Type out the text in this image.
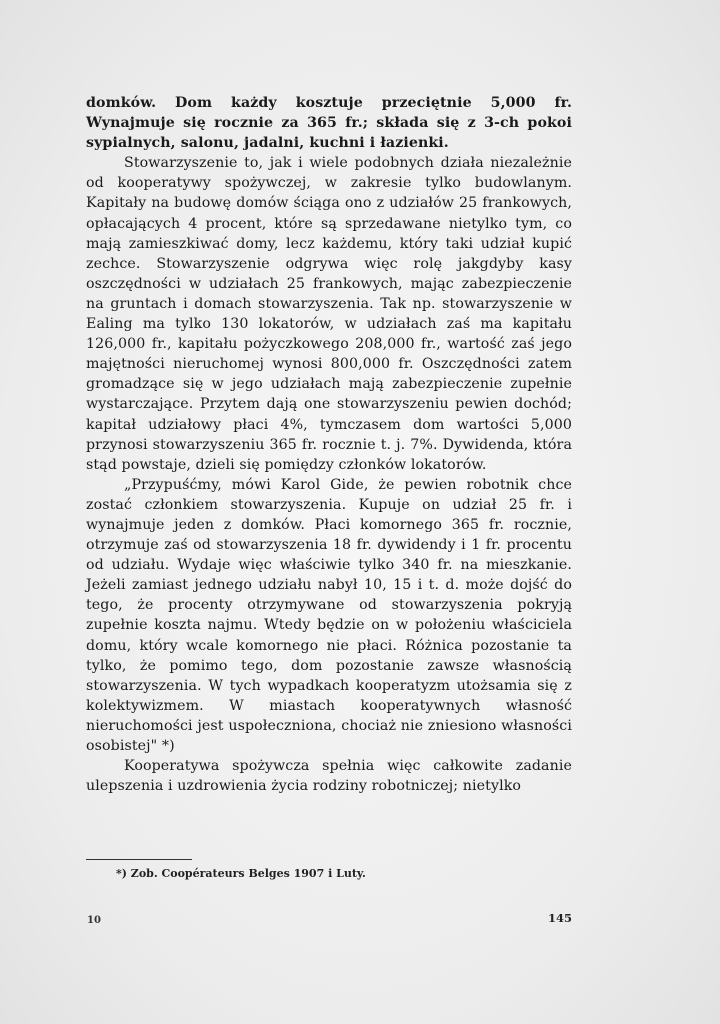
domków. Dom każdy kosztuje przeciętnie 5,000 fr. Wynajmuje się rocznie za 365 fr.; składa się z 3-ch pokoi sypialnych, salonu, jadalni, kuchni i łazienki.

Stowarzyszenie to, jak i wiele podobnych działa niezależnie od kooperatywy spożywczej, w zakresie tylko budowlanym. Kapitały na budowę domów ściąga ono z udziałów 25 frankowych, opłacających 4 procent, które są sprzedawane nietylko tym, co mają zamieszkiwać domy, lecz każdemu, który taki udział kupić zechce. Stowarzyszenie odgrywa więc rolę jakgdyby kasy oszczędności w udziałach 25 frankowych, mając zabezpieczenie na gruntach i domach stowarzyszenia. Tak np. stowarzyszenie w Ealing ma tylko 130 lokatorów, w udziałach zaś ma kapitału 126,000 fr., kapitału pożyczkowego 208,000 fr., wartość zaś jego majętności nieruchomej wynosi 800,000 fr. Oszczędności zatem gromadzące się w jego udziałach mają zabezpieczenie zupełnie wystarczające. Przytem dają one stowarzyszeniu pewien dochód; kapitał udziałowy płaci 4%, tymczasem dom wartości 5,000 przynosi stowarzyszeniu 365 fr. rocznie t. j. 7%. Dywidenda, która stąd powstaje, dzieli się pomiędzy członków lokatorów.

„Przypuśćmy, mówi Karol Gide, że pewien robotnik chce zostać członkiem stowarzyszenia. Kupuje on udział 25 fr. i wynajmuje jeden z domków. Płaci komornego 365 fr. rocznie, otrzymuje zaś od stowarzyszenia 18 fr. dywidendy i 1 fr. procentu od udziału. Wydaje więc właściwie tylko 340 fr. na mieszkanie. Jeżeli zamiast jednego udziału nabył 10, 15 i t. d. może dojść do tego, że procenty otrzymywane od stowarzyszenia pokryją zupełnie koszta najmu. Wtedy będzie on w położeniu właściciela domu, który wcale komornego nie płaci. Różnica pozostanie ta tylko, że pomimo tego, dom pozostanie zawsze własnością stowarzyszenia. W tych wypadkach kooperatyzm utożsamia się z kolektywizmem. W miastach kooperatywnych własność nieruchomości jest uspołeczniona, chociaż nie zniesiono własności osobistej" *)

Kooperatywa spożywcza spełnia więc całkowite zadanie ulepszenia i uzdrowienia życia rodziny robotniczej; nietylko

*) Zob. Coopérateurs Belges 1907 i Luty.
10	145
